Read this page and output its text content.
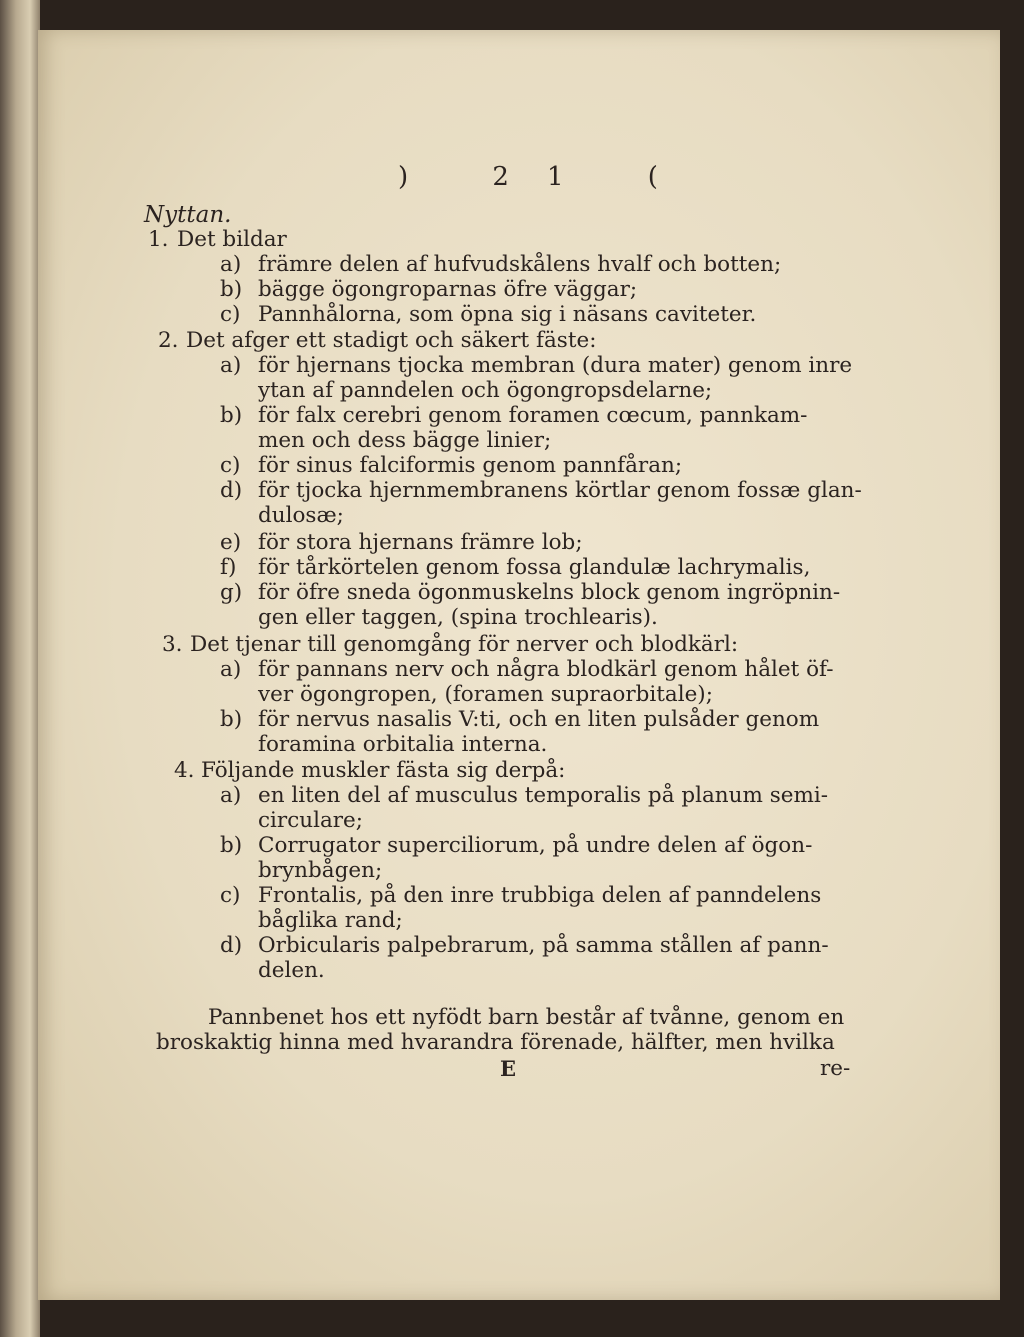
) 21 (
Nyttan.
1. Det bildar
a) främre delen af hufvudskålens hvalf och botten;
b) bägge ögongroparnas öfre väggar;
c) Pannhålorna, som öpna sig i näsans caviteter.
2. Det afger ett stadigt och säkert fäste:
a) för hjernans tjocka membran (dura mater) genom inre
ytan af panndelen och ögongropsdelarne;
b) för falx cerebri genom foramen cœcum, pannkam-
men och dess bägge linier;
c) för sinus falciformis genom pannfåran;
d) för tjocka hjernmembranens körtlar genom fossæ glan-
dulosæ;
e) för stora hjernans främre lob;
f) för tårkörtelen genom fossa glandulæ lachrymalis,
g) för öfre sneda ögonmuskelns block genom ingröpnin-
gen eller taggen, (spina trochlearis).
3. Det tjenar till genomgång för nerver och blodkärl:
a) för pannans nerv och några blodkärl genom hålet öf-
ver ögongropen, (foramen supraorbitale);
b) för nervus nasalis V:ti, och en liten pulsåder genom
foramina orbitalia interna.
4. Följande muskler fästa sig derpå:
a) en liten del af musculus temporalis på planum semi-
circulare;
b) Corrugator superciliorum, på undre delen af ögon-
brynbågen;
c) Frontalis, på den inre trubbiga delen af panndelens
båglika rand;
d) Orbicularis palpebrarum, på samma stållen af pann-
delen.
Pannbenet hos ett nyfödt barn består af tvånne, genom en
broskaktig hinna med hvarandra förenade, hälfter, men hvilka
E	re-
